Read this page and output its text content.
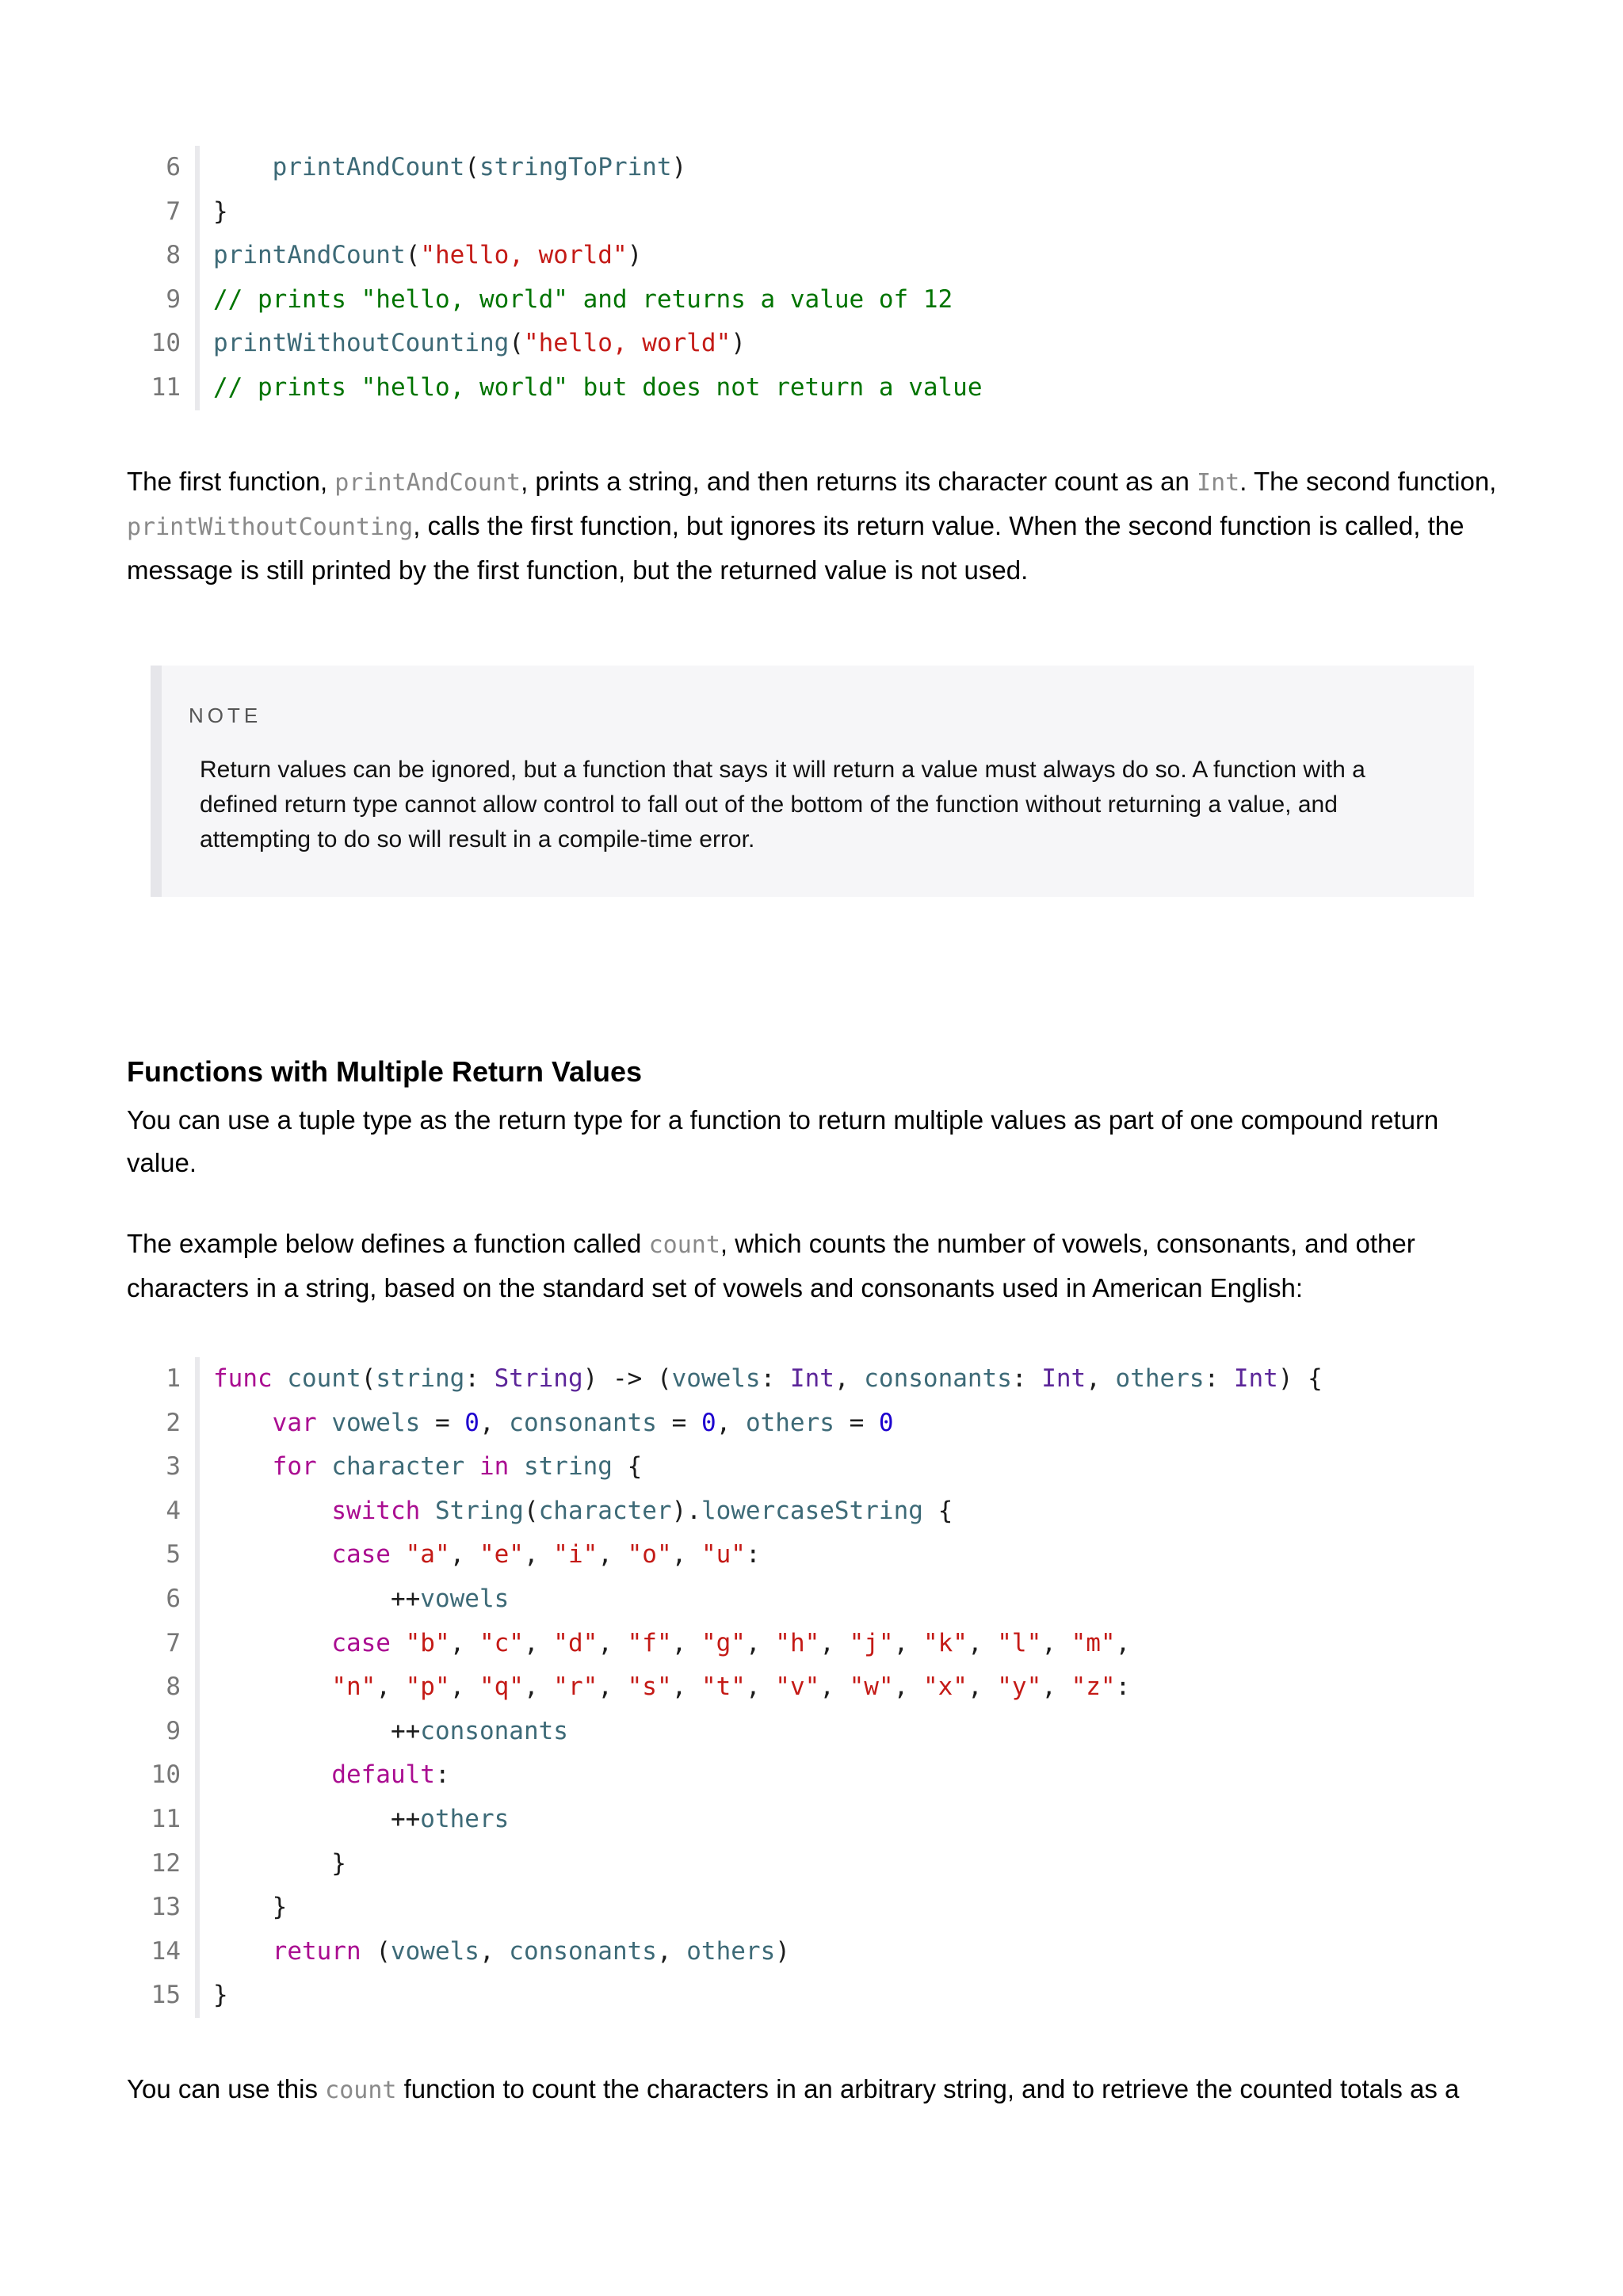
6	printAndCount(stringToPrint)
7 }
8 printAndCount("hello, world")
9 // prints "hello, world" and returns a value of 12
10 printWithoutCounting("hello, world")
11 // prints "hello, world" but does not return a value
The first function, printAndCount, prints a string, and then returns its character count as an Int. The second function, printWithoutCounting, calls the first function, but ignores its return value. When the second function is called, the message is still printed by the first function, but the returned value is not used.
NOTE
Return values can be ignored, but a function that says it will return a value must always do so. A function with a defined return type cannot allow control to fall out of the bottom of the function without returning a value, and attempting to do so will result in a compile-time error.
Functions with Multiple Return Values
You can use a tuple type as the return type for a function to return multiple values as part of one compound return value.
The example below defines a function called count, which counts the number of vowels, consonants, and other characters in a string, based on the standard set of vowels and consonants used in American English:
1 func count(string: String) -> (vowels: Int, consonants: Int, others: Int) {
2	var vowels = 0, consonants = 0, others = 0
3	for character in string {
4	switch String(character).lowercaseString {
5	case "a", "e", "i", "o", "u":
6 ++vowels
7	case "b", "c", "d", "f", "g", "h", "j", "k", "l", "m",
8	"n", "p", "q", "r", "s", "t", "v", "w", "x", "y", "z":
9 ++consonants
10	default:
11 ++others
12 }
13 }
14	return (vowels, consonants, others)
15 }
You can use this count function to count the characters in an arbitrary string, and to retrieve the counted totals as a
